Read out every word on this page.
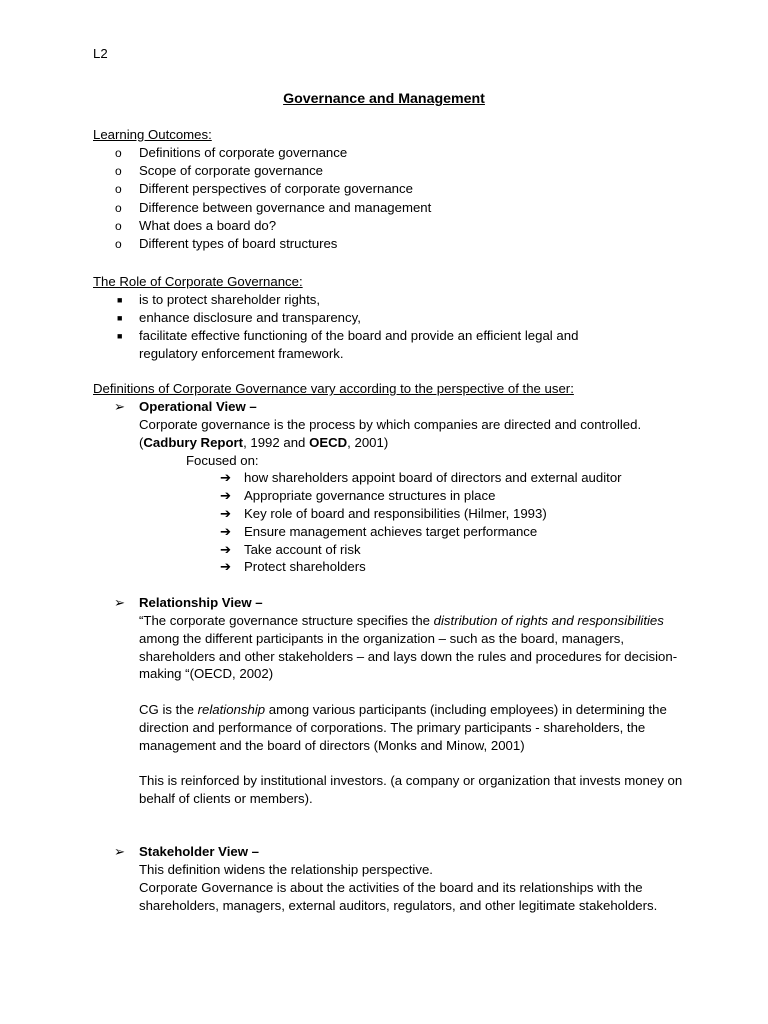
L2
Governance and Management
Learning Outcomes:
o Definitions of corporate governance
o Scope of corporate governance
o Different perspectives of corporate governance
o Difference between governance and management
o What does a board do?
o Different types of board structures
The Role of Corporate Governance:
■ is to protect shareholder rights,
■ enhance disclosure and transparency,
■ facilitate effective functioning of the board and provide an efficient legal and regulatory enforcement framework.
Definitions of Corporate Governance vary according to the perspective of the user:
➢ Operational View –

Corporate governance is the process by which companies are directed and controlled. (Cadbury Report, 1992 and OECD, 2001)

Focused on:
➔ how shareholders appoint board of directors and external auditor
➔ Appropriate governance structures in place
➔ Key role of board and responsibilities (Hilmer, 1993)
➔ Ensure management achieves target performance
➔ Take account of risk
➔ Protect shareholders
➢ Relationship View –

“The corporate governance structure specifies the distribution of rights and responsibilities among the different participants in the organization – such as the board, managers, shareholders and other stakeholders – and lays down the rules and procedures for decision-making “(OECD, 2002)

CG is the relationship among various participants (including employees) in determining the direction and performance of corporations. The primary participants - shareholders, the management and the board of directors (Monks and Minow, 2001)

This is reinforced by institutional investors. (a company or organization that invests money on behalf of clients or members).

➢ Stakeholder View –

This definition widens the relationship perspective.

Corporate Governance is about the activities of the board and its relationships with the shareholders, managers, external auditors, regulators, and other legitimate stakeholders.
